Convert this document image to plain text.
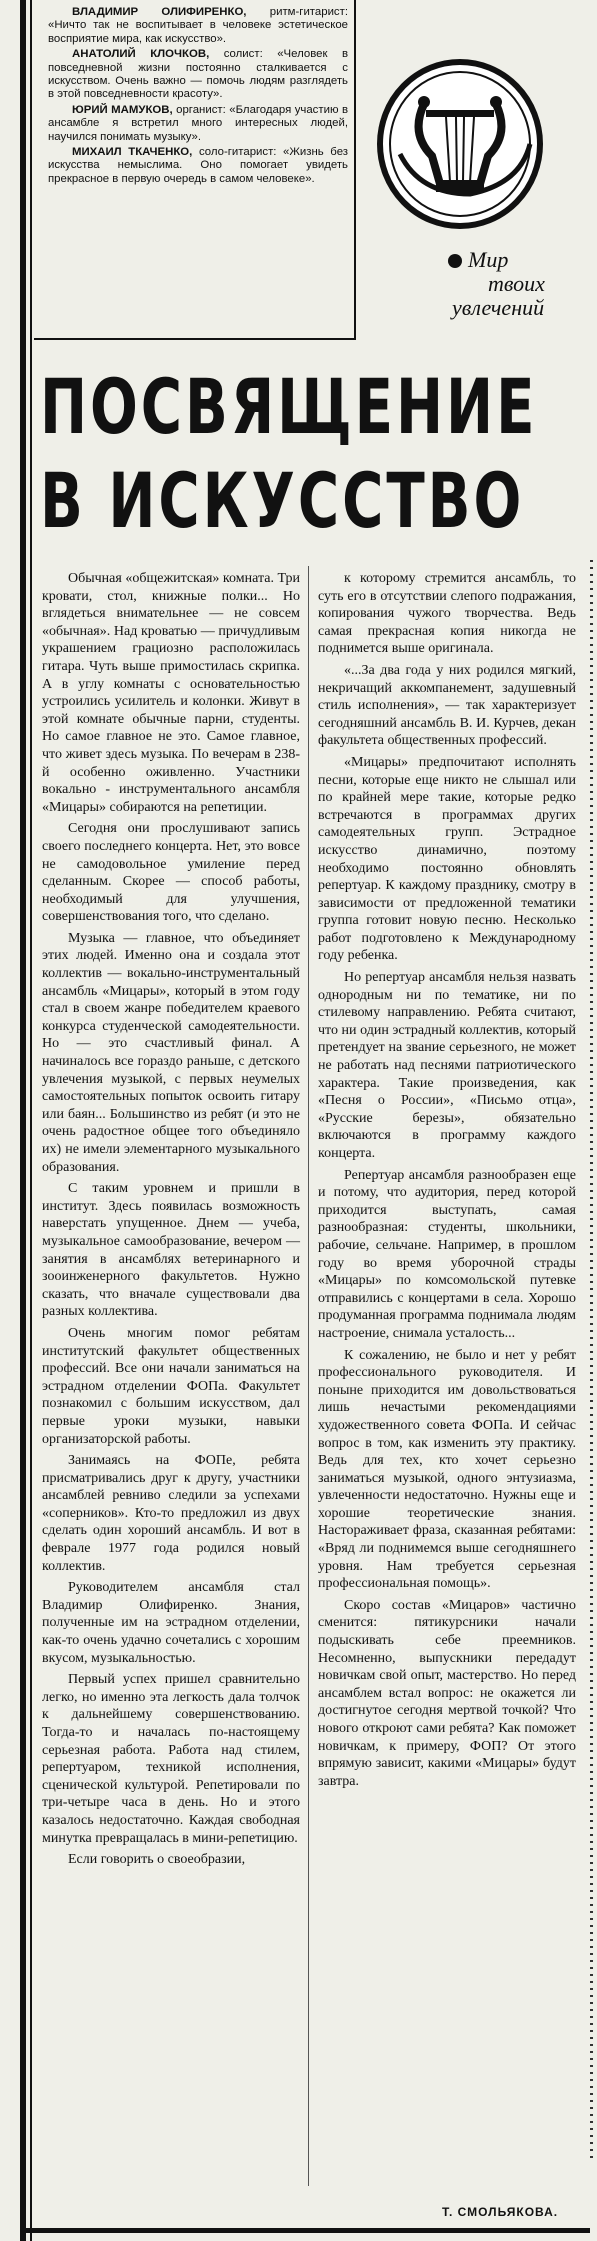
ВЛАДИМИР ОЛИФИРЕНКО, ритм-гитарист: «Ничто так не воспитывает в человеке эстетическое восприятие мира, как искусство».

АНАТОЛИЙ КЛОЧКОВ, солист: «Человек в повседневной жизни постоянно сталкивается с искусством. Очень важно — помочь людям разглядеть в этой повседневности красоту».

ЮРИЙ МАМУКОВ, органист: «Благодаря участию в ансамбле я встретил много интересных людей, научился понимать музыку».

МИХАИЛ ТКАЧЕНКО, соло-гитарист: «Жизнь без искусства немыслима. Оно помогает увидеть прекрасное в первую очередь в самом человеке».

Мир
твоих
увлечений
ПОСВЯЩЕНИЕ
В ИСКУССТВО

Обычная «общежитская» комната. Три кровати, стол, книжные полки... Но вглядеться внимательнее — не совсем «обычная». Над кроватью — причудливым украшением грациозно расположилась гитара. Чуть выше примостилась скрипка. А в углу комнаты с основательностью устроились усилитель и колонки. Живут в этой комнате обычные парни, студенты. Но самое главное не это. Самое главное, что живет здесь музыка. По вечерам в 238-й особенно оживленно. Участники вокально - инструментального ансамбля «Мицары» собираются на репетиции.

Сегодня они прослушивают запись своего последнего концерта. Нет, это вовсе не самодовольное умиление перед сделанным. Скорее — способ работы, необходимый для улучшения, совершенствования того, что сделано.

Музыка — главное, что объединяет этих людей. Именно она и создала этот коллектив — вокально-инструментальный ансамбль «Мицары», который в этом году стал в своем жанре победителем краевого конкурса студенческой самодеятельности. Но — это счастливый финал. А начиналось все гораздо раньше, с детского увлечения музыкой, с первых неумелых самостоятельных попыток освоить гитару или баян... Большинство из ребят (и это не очень радостное общее того объединяло их) не имели элементарного музыкального образования.

С таким уровнем и пришли в институт. Здесь появилась возможность наверстать упущенное. Днем — учеба, музыкальное самообразование, вечером — занятия в ансамблях ветеринарного и зооинженерного факультетов. Нужно сказать, что вначале существовали два разных коллектива.

Очень многим помог ребятам институтский факультет общественных профессий. Все они начали заниматься на эстрадном отделении ФОПа. Факультет познакомил с большим искусством, дал первые уроки музыки, навыки организаторской работы.

Занимаясь на ФОПе, ребята присматривались друг к другу, участники ансамблей ревниво следили за успехами «соперников». Кто-то предложил из двух сделать один хороший ансамбль. И вот в феврале 1977 года родился новый коллектив.

Руководителем ансамбля стал Владимир Олифиренко. Знания, полученные им на эстрадном отделении, как-то очень удачно сочетались с хорошим вкусом, музыкальностью.

Первый успех пришел сравнительно легко, но именно эта легкость дала толчок к дальнейшему совершенствованию. Тогда-то и началась по-настоящему серьезная работа. Работа над стилем, репертуаром, техникой исполнения, сценической культурой. Репетировали по три-четыре часа в день. Но и этого казалось недостаточно. Каждая свободная минутка превращалась в мини-репетицию.

Если говорить о своеобразии,

к которому стремится ансамбль, то суть его в отсутствии слепого подражания, копирования чужого творчества. Ведь самая прекрасная копия никогда не поднимется выше оригинала.

«...За два года у них родился мягкий, некричащий аккомпанемент, задушевный стиль исполнения», — так характеризует сегодняшний ансамбль В. И. Курчев, декан факультета общественных профессий.

«Мицары» предпочитают исполнять песни, которые еще никто не слышал или по крайней мере такие, которые редко встречаются в программах других самодеятельных групп. Эстрадное искусство динамично, поэтому необходимо постоянно обновлять репертуар. К каждому празднику, смотру в зависимости от предложенной тематики группа готовит новую песню. Несколько работ подготовлено к Международному году ребенка.

Но репертуар ансамбля нельзя назвать однородным ни по тематике, ни по стилевому направлению. Ребята считают, что ни один эстрадный коллектив, который претендует на звание серьезного, не может не работать над песнями патриотического характера. Такие произведения, как «Песня о России», «Письмо отца», «Русские березы», обязательно включаются в программу каждого концерта.

Репертуар ансамбля разнообразен еще и потому, что аудитория, перед которой приходится выступать, самая разнообразная: студенты, школьники, рабочие, сельчане. Например, в прошлом году во время уборочной страды «Мицары» по комсомольской путевке отправились с концертами в села. Хорошо продуманная программа поднимала людям настроение, снимала усталость...

К сожалению, не было и нет у ребят профессионального руководителя. И поныне приходится им довольствоваться лишь нечастыми рекомендациями художественного совета ФОПа. И сейчас вопрос в том, как изменить эту практику. Ведь для тех, кто хочет серьезно заниматься музыкой, одного энтузиазма, увлеченности недостаточно. Нужны еще и хорошие теоретические знания. Настораживает фраза, сказанная ребятами: «Вряд ли поднимемся выше сегодняшнего уровня. Нам требуется серьезная профессиональная помощь».

Скоро состав «Мицаров» частично сменится: пятикурсники начали подыскивать себе преемников. Несомненно, выпускники передадут новичкам свой опыт, мастерство. Но перед ансамблем встал вопрос: не окажется ли достигнутое сегодня мертвой точкой? Что нового откроют сами ребята? Как поможет новичкам, к примеру, ФОП? От этого впрямую зависит, какими «Мицары» будут завтра.

Т. СМОЛЬЯКОВА.
